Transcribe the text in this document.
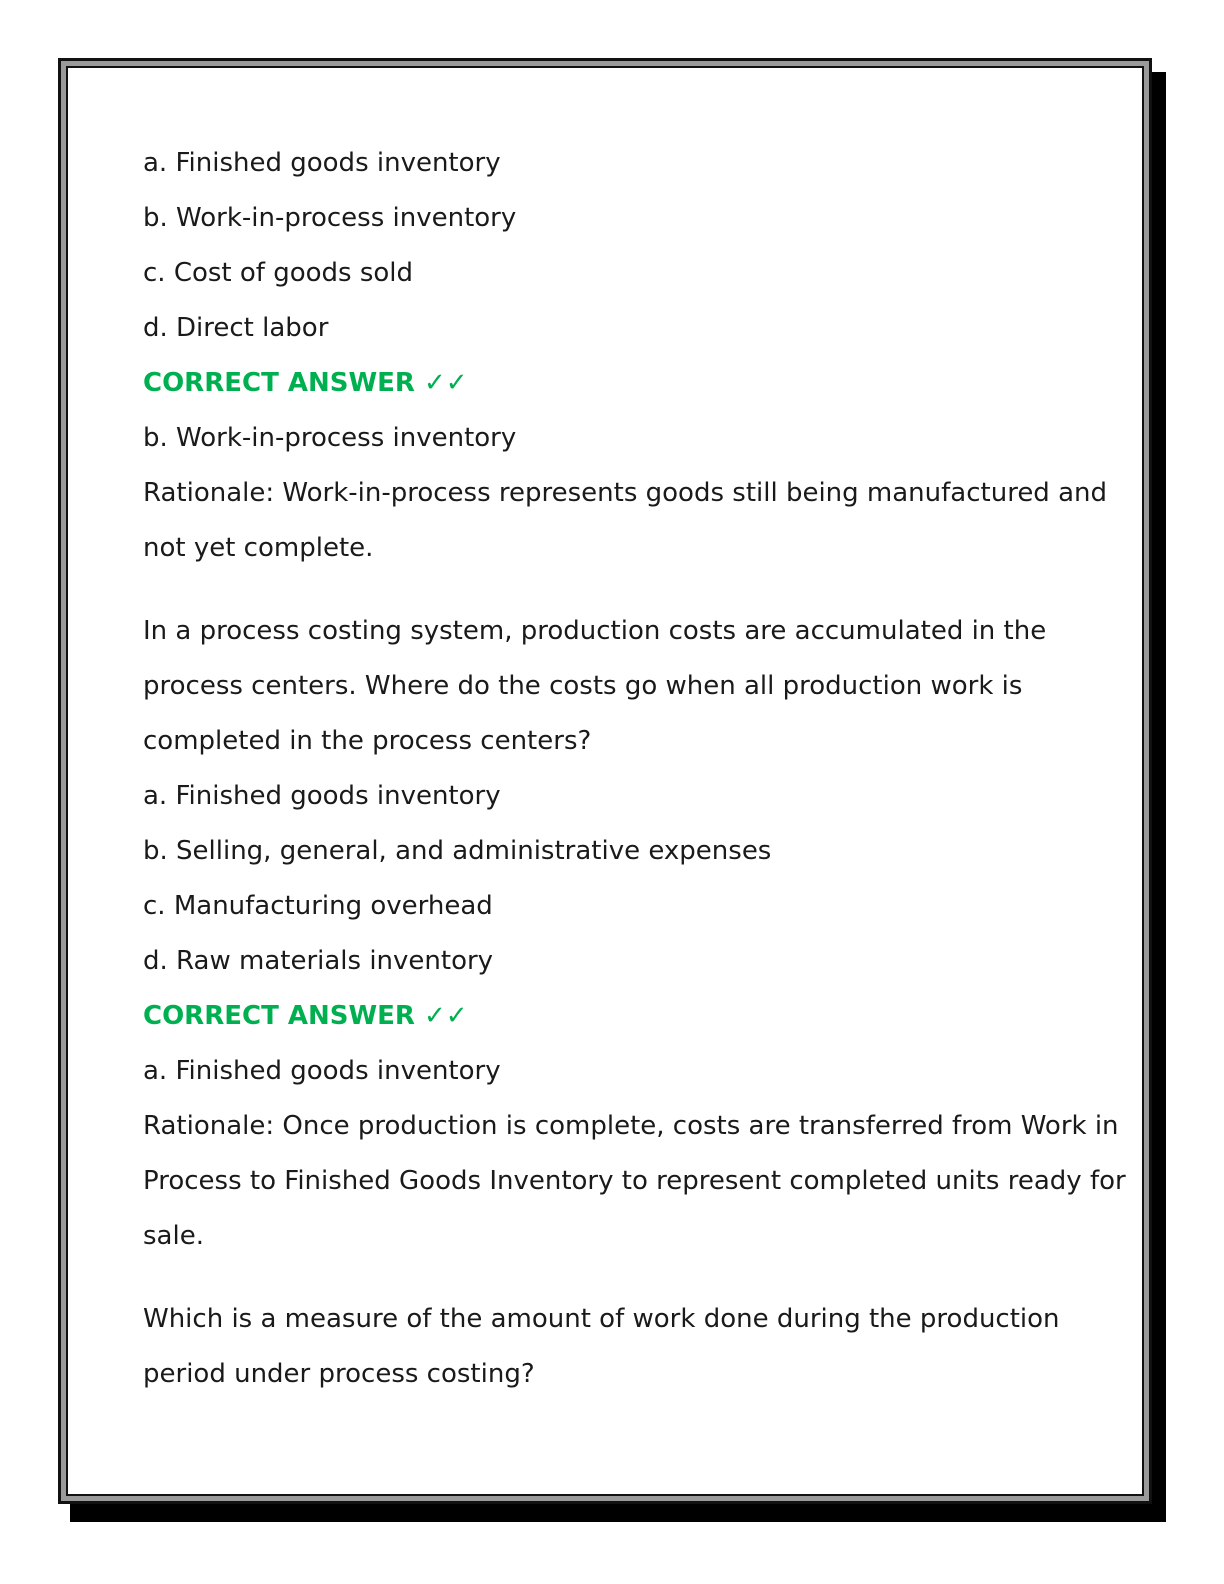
a. Finished goods inventory

b. Work-in-process inventory

c. Cost of goods sold

d. Direct labor

CORRECT ANSWER ✓✓

b. Work-in-process inventory

Rationale: Work-in-process represents goods still being manufactured and

not yet complete.

In a process costing system, production costs are accumulated in the

process centers. Where do the costs go when all production work is

completed in the process centers?

a. Finished goods inventory

b. Selling, general, and administrative expenses

c. Manufacturing overhead

d. Raw materials inventory

CORRECT ANSWER ✓✓

a. Finished goods inventory

Rationale: Once production is complete, costs are transferred from Work in

Process to Finished Goods Inventory to represent completed units ready for

sale.

Which is a measure of the amount of work done during the production

period under process costing?
